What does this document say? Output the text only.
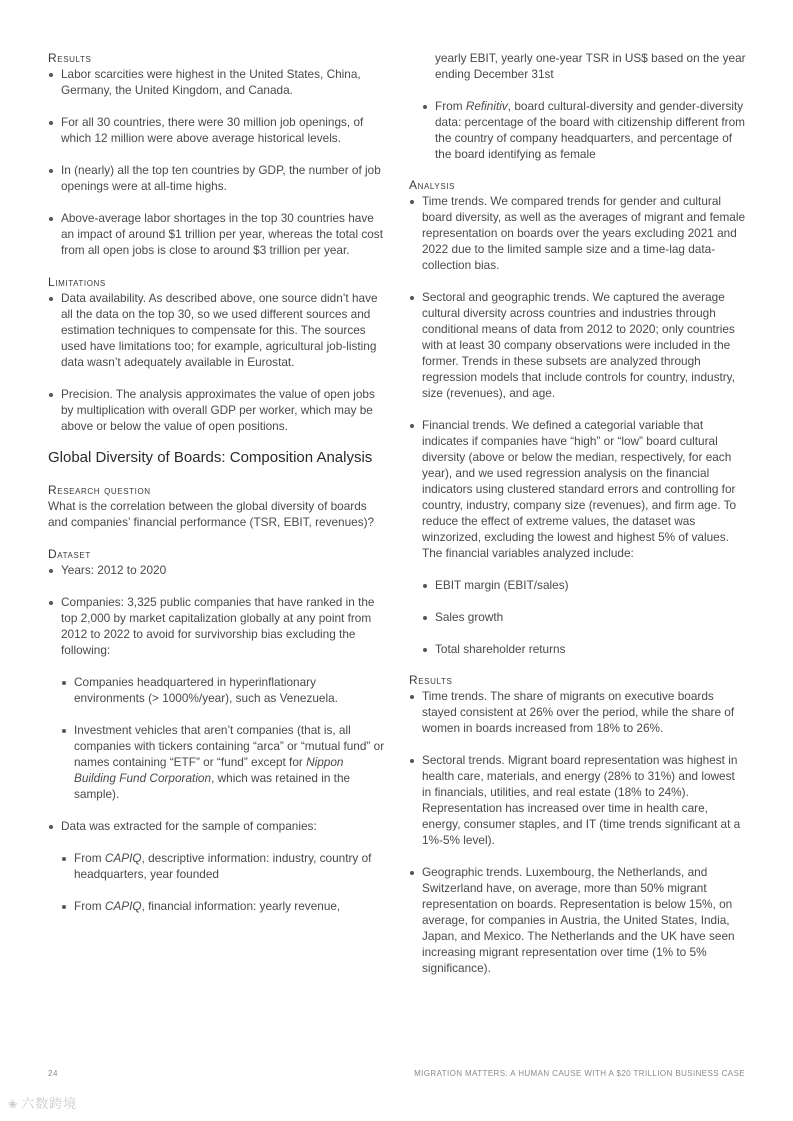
Results
Labor scarcities were highest in the United States, China, Germany, the United Kingdom, and Canada.
For all 30 countries, there were 30 million job openings, of which 12 million were above average historical levels.
In (nearly) all the top ten countries by GDP, the number of job openings were at all-time highs.
Above-average labor shortages in the top 30 countries have an impact of around $1 trillion per year, whereas the total cost from all open jobs is close to around $3 trillion per year.
Limitations
Data availability. As described above, one source didn’t have all the data on the top 30, so we used different sources and estimation techniques to compensate for this. The sources used have limitations too; for example, agricultural job-listing data wasn’t adequately available in Eurostat.
Precision. The analysis approximates the value of open jobs by multiplication with overall GDP per worker, which may be above or below the value of open positions.
Global Diversity of Boards: Composition Analysis
Research question

What is the correlation between the global diversity of boards and companies’ financial performance (TSR, EBIT, revenues)?

Dataset
Years: 2012 to 2020
Companies: 3,325 public companies that have ranked in the top 2,000 by market capitalization globally at any point from 2012 to 2022 to avoid for survivorship bias excluding the following:
Companies headquartered in hyperinflationary environments (> 1000%/year), such as Venezuela.
Investment vehicles that aren’t companies (that is, all companies with tickers containing “arca” or “mutual fund” or names containing “ETF” or “fund” except for Nippon Building Fund Corporation, which was retained in the sample).
Data was extracted for the sample of companies:
From CAPIQ, descriptive information: industry, country of headquarters, year founded
From CAPIQ, financial information: yearly revenue,

yearly EBIT, yearly one-year TSR in US$ based on the year ending December 31st

From Refinitiv, board cultural-diversity and gender-diversity data: percentage of the board with citizenship different from the country of company headquarters, and percentage of the board identifying as female
Analysis
Time trends. We compared trends for gender and cultural board diversity, as well as the averages of migrant and female representation on boards over the years excluding 2021 and 2022 due to the limited sample size and a time-lag data-collection bias.
Sectoral and geographic trends. We captured the average cultural diversity across countries and industries through conditional means of data from 2012 to 2020; only countries with at least 30 company observations were included in the former. Trends in these subsets are analyzed through regression models that include controls for country, industry, size (revenues), and age.
Financial trends. We defined a categorial variable that indicates if companies have “high” or “low” board cultural diversity (above or below the median, respectively, for each year), and we used regression analysis on the financial indicators using clustered standard errors and controlling for country, industry, company size (revenues), and firm age. To reduce the effect of extreme values, the dataset was winzorized, excluding the lowest and highest 5% of values. The financial variables analyzed include:
EBIT margin (EBIT/sales)
Sales growth
Total shareholder returns
Results
Time trends. The share of migrants on executive boards stayed consistent at 26% over the period, while the share of women in boards increased from 18% to 26%.
Sectoral trends. Migrant board representation was highest in health care, materials, and energy (28% to 31%) and lowest in financials, utilities, and real estate (18% to 24%). Representation has increased over time in health care, energy, consumer staples, and IT (time trends significant at a 1%-5% level).
Geographic trends. Luxembourg, the Netherlands, and Switzerland have, on average, more than 50% migrant representation on boards. Representation is below 15%, on average, for companies in Austria, the United States, India, Japan, and Mexico. The Netherlands and the UK have seen increasing migrant representation over time (1% to 5% significance).
24	MIGRATION MATTERS: A HUMAN CAUSE WITH A $20 TRILLION BUSINESS CASE
❀ 六数跨境
